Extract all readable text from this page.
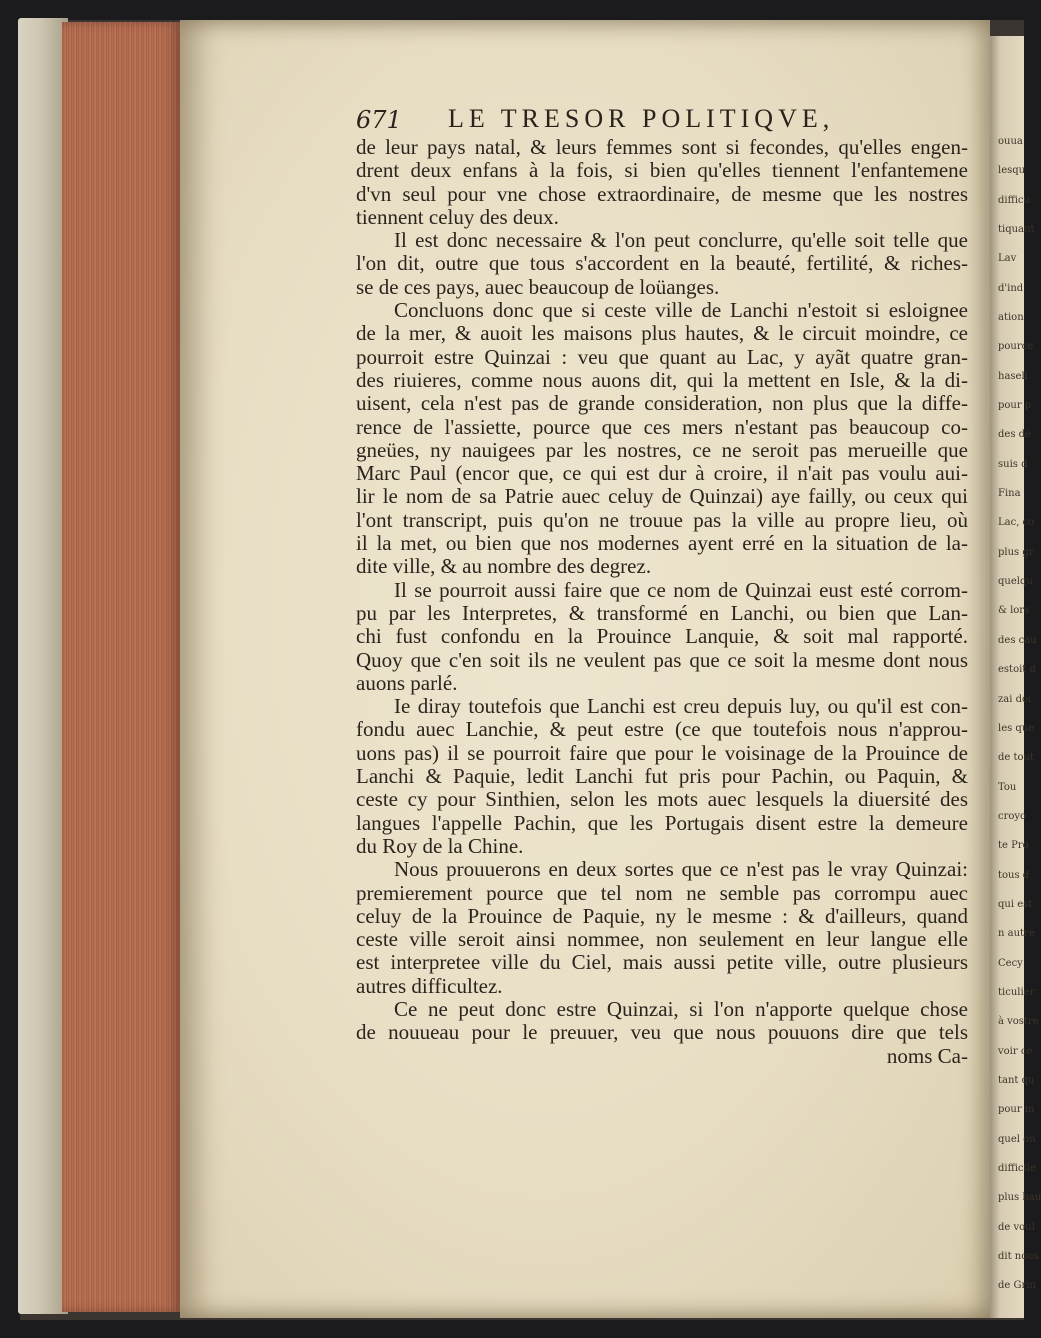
ouua
lesqu
difficu
tiquant
Lav
d'ind
ation
pource
hasell
pour p
des de
suis d
Fina
Lac, co
plus gr
quelqu
& lors
des cau
estoit d
zai doi
les que
de tout
Tou
croyo
te Pro
tous d
qui est
n autre
Cecy
ticulier
à vostre
voir ce
tant qu
pour m
quel on
difficile
plus hau
de voul
dit nous
de Grin
671 LE TRESOR POLITIQVE,
de leur pays natal, & leurs femmes sont si fecondes, qu'elles engen-
drent deux enfans à la fois, si bien qu'elles tiennent l'enfantemene
d'vn seul pour vne chose extraordinaire, de mesme que les nostres
tiennent celuy des deux.
Il est donc necessaire & l'on peut conclurre, qu'elle soit telle que
l'on dit, outre que tous s'accordent en la beauté, fertilité, & riches-
se de ces pays, auec beaucoup de loüanges.
Concluons donc que si ceste ville de Lanchi n'estoit si esloignee
de la mer, & auoit les maisons plus hautes, & le circuit moindre, ce
pourroit estre Quinzai : veu que quant au Lac, y ayãt quatre gran-
des riuieres, comme nous auons dit, qui la mettent en Isle, & la di-
uisent, cela n'est pas de grande consideration, non plus que la diffe-
rence de l'assiette, pource que ces mers n'estant pas beaucoup co-
gneües, ny nauigees par les nostres, ce ne seroit pas merueille que
Marc Paul (encor que, ce qui est dur à croire, il n'ait pas voulu aui-
lir le nom de sa Patrie auec celuy de Quinzai) aye failly, ou ceux qui
l'ont transcript, puis qu'on ne trouue pas la ville au propre lieu, où
il la met, ou bien que nos modernes ayent erré en la situation de la-
dite ville, & au nombre des degrez.
Il se pourroit aussi faire que ce nom de Quinzai eust esté corrom-
pu par les Interpretes, & transformé en Lanchi, ou bien que Lan-
chi fust confondu en la Prouince Lanquie, & soit mal rapporté.
Quoy que c'en soit ils ne veulent pas que ce soit la mesme dont nous
auons parlé.
Ie diray toutefois que Lanchi est creu depuis luy, ou qu'il est con-
fondu auec Lanchie, & peut estre (ce que toutefois nous n'approu-
uons pas) il se pourroit faire que pour le voisinage de la Prouince de
Lanchi & Paquie, ledit Lanchi fut pris pour Pachin, ou Paquin, &
ceste cy pour Sinthien, selon les mots auec lesquels la diuersité des
langues l'appelle Pachin, que les Portugais disent estre la demeure
du Roy de la Chine.
Nous prouuerons en deux sortes que ce n'est pas le vray Quinzai:
premierement pource que tel nom ne semble pas corrompu auec
celuy de la Prouince de Paquie, ny le mesme : & d'ailleurs, quand
ceste ville seroit ainsi nommee, non seulement en leur langue elle
est interpretee ville du Ciel, mais aussi petite ville, outre plusieurs
autres difficultez.
Ce ne peut donc estre Quinzai, si l'on n'apporte quelque chose
de nouueau pour le preuuer, veu que nous pouuons dire que tels
noms Ca-
